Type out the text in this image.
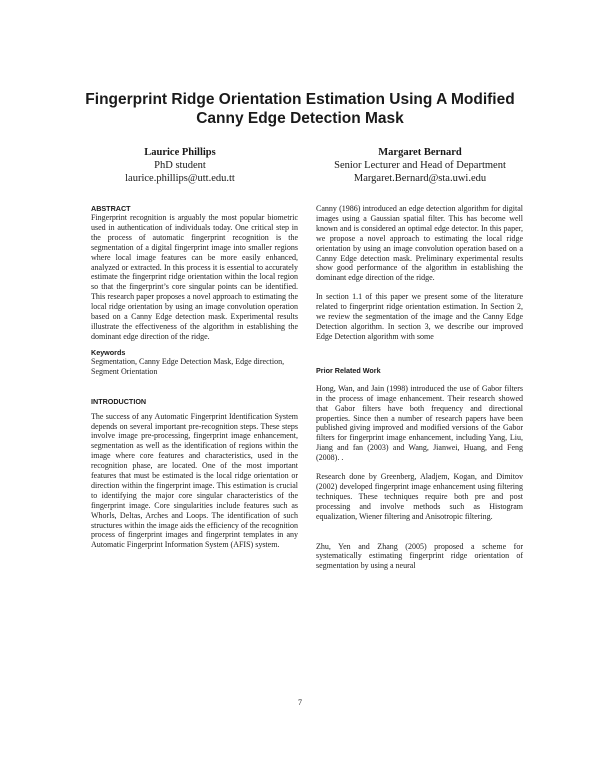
Fingerprint Ridge Orientation Estimation Using A Modified Canny Edge Detection Mask
Laurice Phillips
PhD student
laurice.phillips@utt.edu.tt
Margaret Bernard
Senior Lecturer and Head of Department
Margaret.Bernard@sta.uwi.edu

ABSTRACT

Fingerprint recognition is arguably the most popular biometric used in authentication of individuals today. One critical step in the process of automatic fingerprint recognition is the segmentation of a digital fingerprint image into smaller regions where local image features can be more easily enhanced, analyzed or extracted. In this process it is essential to accurately estimate the fingerprint ridge orientation within the local region so that the fingerprint’s core singular points can be identified. This research paper proposes a novel approach to estimating the local ridge orientation by using an image convolution operation based on a Canny Edge detection mask. Experimental results illustrate the effectiveness of the algorithm in establishing the dominant edge direction of the ridge.

Keywords

Segmentation, Canny Edge Detection Mask, Edge direction, Segment Orientation

INTRODUCTION

The success of any Automatic Fingerprint Identification System depends on several important pre-recognition steps. These steps involve image pre-processing, fingerprint image enhancement, segmentation as well as the identification of regions within the image where core features and characteristics, used in the recognition phase, are located. One of the most important features that must be estimated is the local ridge orientation or direction within the fingerprint image. This estimation is crucial to identifying the major core singular characteristics of the fingerprint image. Core singularities include features such as Whorls, Deltas, Arches and Loops. The identification of such structures within the image aids the efficiency of the recognition process of fingerprint images and fingerprint templates in any Automatic Fingerprint Information System (AFIS) system.

Canny (1986) introduced an edge detection algorithm for digital images using a Gaussian spatial filter. This has become well known and is considered an optimal edge detector. In this paper, we propose a novel approach to estimating the local ridge orientation by using an image convolution operation based on a Canny Edge detection mask. Preliminary experimental results show good performance of the algorithm in establishing the dominant edge direction of the ridge.

In section 1.1 of this paper we present some of the literature related to fingerprint ridge orientation estimation. In Section 2, we review the segmentation of the image and the Canny Edge Detection algorithm. In section 3, we describe our improved Edge Detection algorithm with some

Prior Related Work

Hong, Wan, and Jain (1998) introduced the use of Gabor filters in the process of image enhancement. Their research showed that Gabor filters have both frequency and directional properties. Since then a number of research papers have been published giving improved and modified versions of the Gabor filters for fingerprint image enhancement, including Yang, Liu, Jiang and fan (2003) and Wang, Jianwei, Huang, and Feng (2008). .

Research done by Greenberg, Aladjem, Kogan, and Dimitov (2002) developed fingerprint image enhancement using filtering techniques. These techniques require both pre and post processing and involve methods such as Histogram equalization, Wiener filtering and Anisotropic filtering.

Zhu, Yen and Zhang (2005) proposed a scheme for systematically estimating fingerprint ridge orientation of segmentation by using a neural

7
